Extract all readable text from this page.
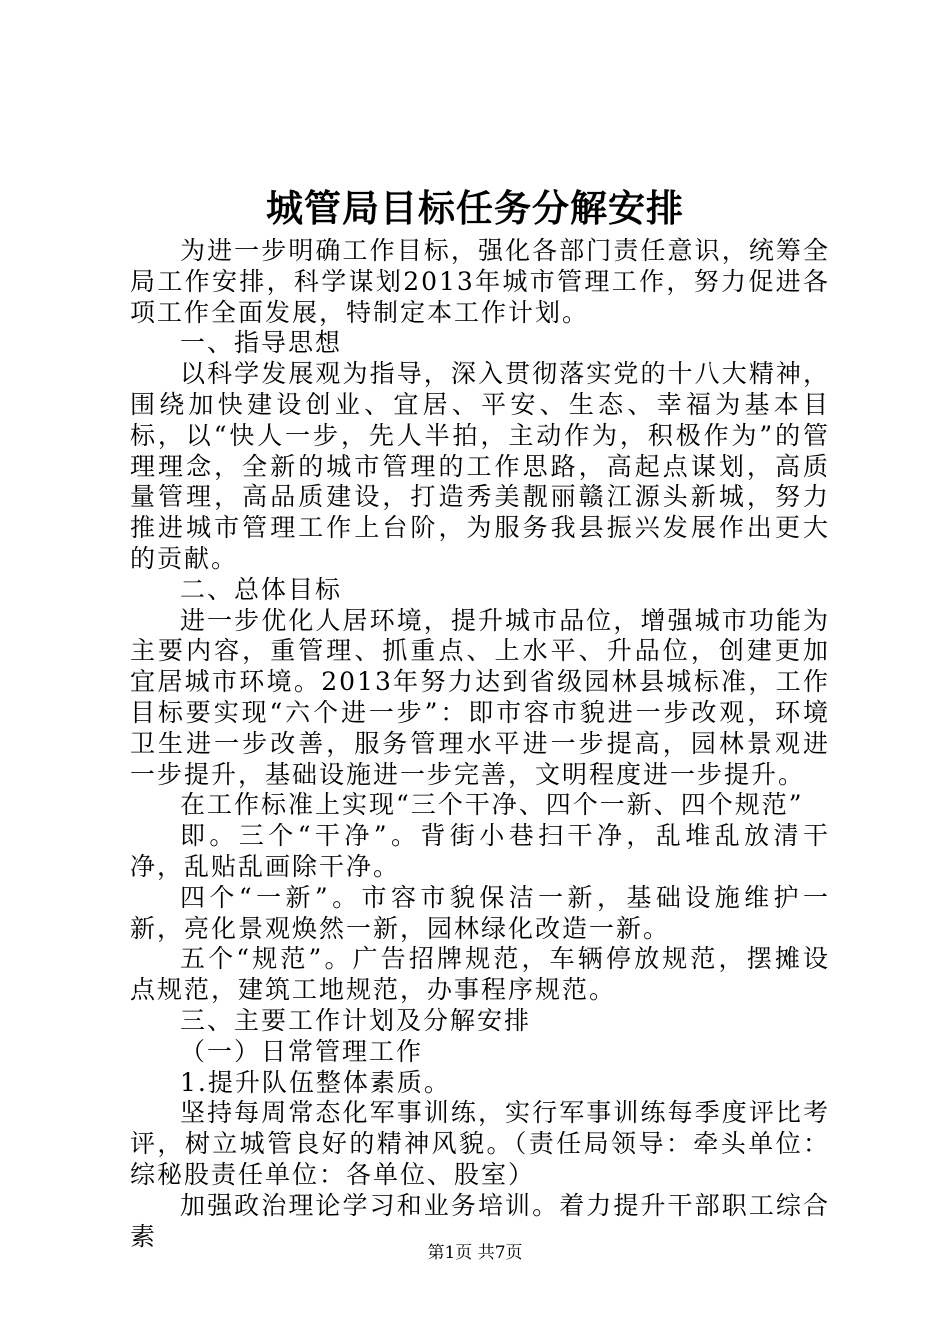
城管局目标任务分解安排

为进一步明确工作目标，强化各部门责任意识，统筹全局工作安排，科学谋划2013年城市管理工作，努力促进各项工作全面发展，特制定本工作计划。

一、指导思想

以科学发展观为指导，深入贯彻落实党的十八大精神，围绕加快建设创业、宜居、平安、生态、幸福为基本目标，以“快人一步，先人半拍，主动作为，积极作为”的管理理念，全新的城市管理的工作思路，高起点谋划，高质量管理，高品质建设，打造秀美靓丽赣江源头新城，努力推进城市管理工作上台阶，为服务我县振兴发展作出更大的贡献。

二、总体目标

进一步优化人居环境，提升城市品位，增强城市功能为主要内容，重管理、抓重点、上水平、升品位，创建更加宜居城市环境。2013年努力达到省级园林县城标准，工作目标要实现“六个进一步”：即市容市貌进一步改观，环境卫生进一步改善，服务管理水平进一步提高，园林景观进一步提升，基础设施进一步完善，文明程度进一步提升。

在工作标准上实现“三个干净、四个一新、四个规范”

即。三个“干净”。背街小巷扫干净，乱堆乱放清干净，乱贴乱画除干净。

四个“一新”。市容市貌保洁一新，基础设施维护一新，亮化景观焕然一新，园林绿化改造一新。

五个“规范”。广告招牌规范，车辆停放规范，摆摊设点规范，建筑工地规范，办事程序规范。

三、主要工作计划及分解安排

（一）日常管理工作

1.提升队伍整体素质。

坚持每周常态化军事训练，实行军事训练每季度评比考评，树立城管良好的精神风貌。（责任局领导：牵头单位：综秘股责任单位：各单位、股室）

加强政治理论学习和业务培训。着力提升干部职工综合素

第1页 共7页
